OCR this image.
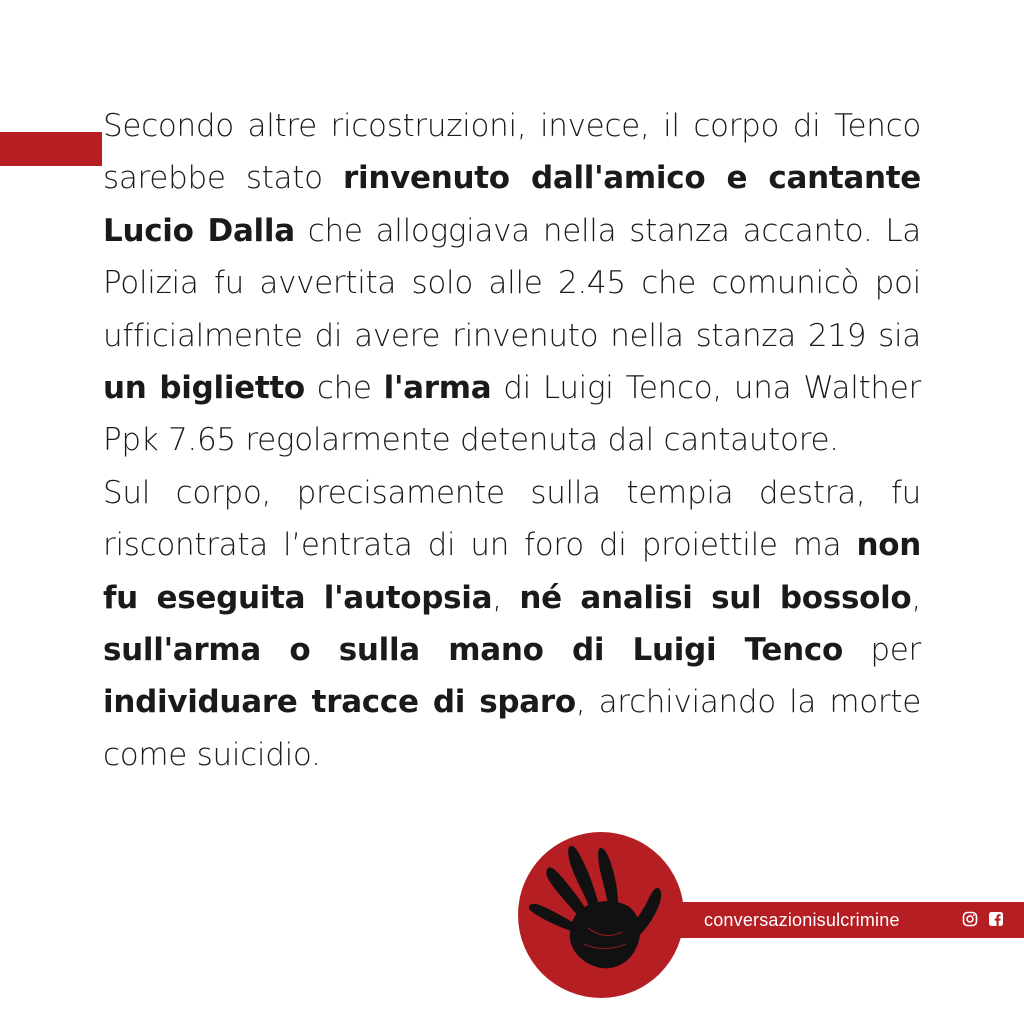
Secondo altre ricostruzioni, invece, il corpo di Tenco sarebbe stato rinvenuto dall'amico e cantante Lucio Dalla che alloggiava nella stanza accanto. La Polizia fu avvertita solo alle 2.45 che comunicò poi ufficialmente di avere rinvenuto nella stanza 219 sia un biglietto che l'arma di Luigi Tenco, una Walther Ppk 7.65 regolarmente detenuta dal cantautore.

Sul corpo, precisamente sulla tempia destra, fu riscontrata l’entrata di un foro di proiettile ma non fu eseguita l'autopsia, né analisi sul bossolo, sull'arma o sulla mano di Luigi Tenco per individuare tracce di sparo, archiviando la morte come suicidio.

conversazionisulcrimine
